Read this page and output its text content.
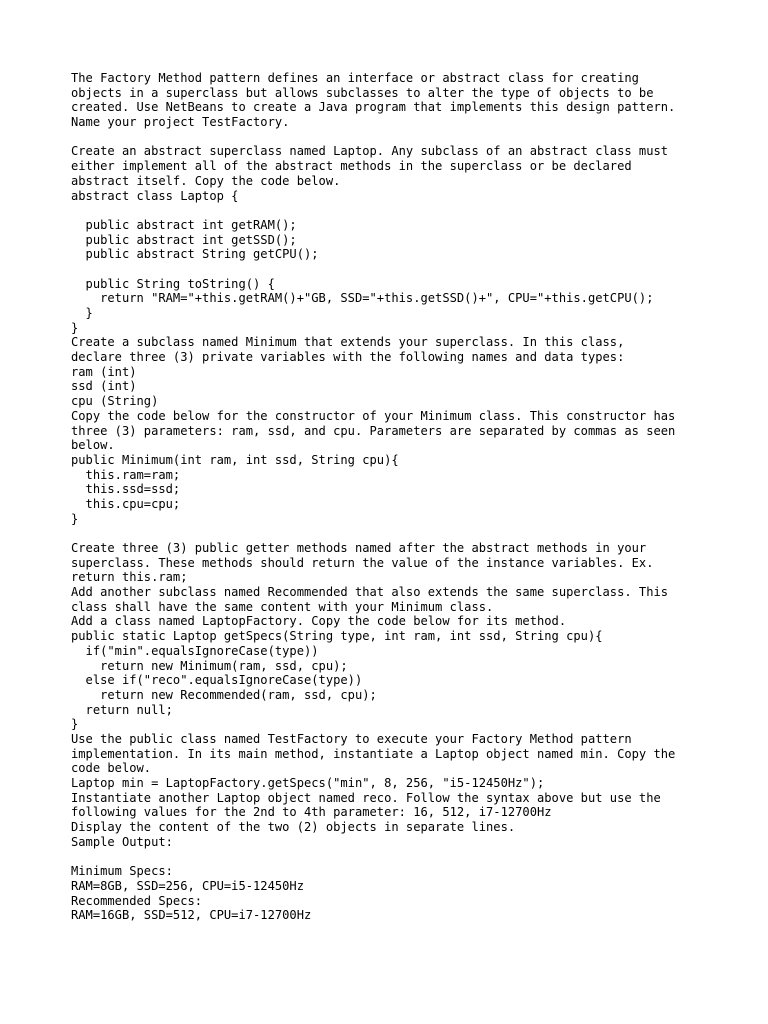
The Factory Method pattern defines an interface or abstract class for creating
objects in a superclass but allows subclasses to alter the type of objects to be
created. Use NetBeans to create a Java program that implements this design pattern.
Name your project TestFactory.
Create an abstract superclass named Laptop. Any subclass of an abstract class must
either implement all of the abstract methods in the superclass or be declared
abstract itself. Copy the code below.
abstract class Laptop {
public abstract int getRAM();
public abstract int getSSD();
public abstract String getCPU();
public String toString() {
return "RAM="+this.getRAM()+"GB, SSD="+this.getSSD()+", CPU="+this.getCPU();
}
}
Create a subclass named Minimum that extends your superclass. In this class,
declare three (3) private variables with the following names and data types:
ram (int)
ssd (int)
cpu (String)
Copy the code below for the constructor of your Minimum class. This constructor has
three (3) parameters: ram, ssd, and cpu. Parameters are separated by commas as seen
below.
public Minimum(int ram, int ssd, String cpu){
this.ram=ram;
this.ssd=ssd;
this.cpu=cpu;
}
Create three (3) public getter methods named after the abstract methods in your
superclass. These methods should return the value of the instance variables. Ex.
return this.ram;
Add another subclass named Recommended that also extends the same superclass. This
class shall have the same content with your Minimum class.
Add a class named LaptopFactory. Copy the code below for its method.
public static Laptop getSpecs(String type, int ram, int ssd, String cpu){
if("min".equalsIgnoreCase(type))
return new Minimum(ram, ssd, cpu);
else if("reco".equalsIgnoreCase(type))
return new Recommended(ram, ssd, cpu);
return null;
}
Use the public class named TestFactory to execute your Factory Method pattern
implementation. In its main method, instantiate a Laptop object named min. Copy the
code below.
Laptop min = LaptopFactory.getSpecs("min", 8, 256, "i5-12450Hz");
Instantiate another Laptop object named reco. Follow the syntax above but use the
following values for the 2nd to 4th parameter: 16, 512, i7-12700Hz
Display the content of the two (2) objects in separate lines.
Sample Output:
Minimum Specs:
RAM=8GB, SSD=256, CPU=i5-12450Hz
Recommended Specs:
RAM=16GB, SSD=512, CPU=i7-12700Hz
